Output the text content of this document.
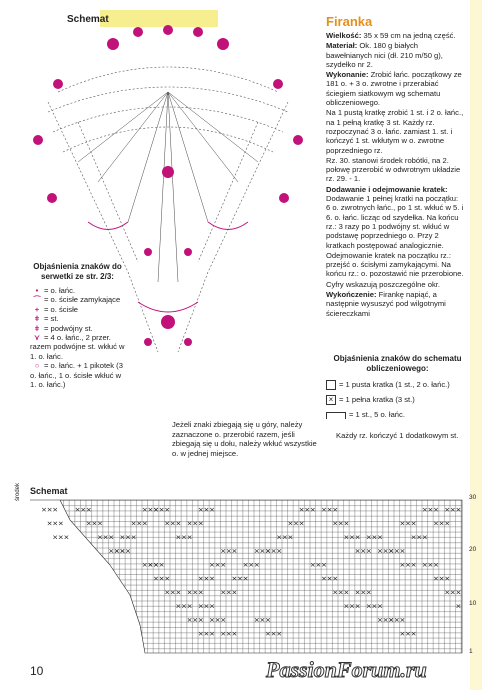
Schemat	Firanka

Wielkość: 35 x 59 cm na jedną część.

Materiał: Ok. 180 g białych bawełnianych nici (dł. 210 m/50 g), szydełko nr 2.

Wykonanie: Zrobić łańc. początkowy ze 181 o. + 3 o. zwrotne i przerabiać ściegiem siatkowym wg schematu obliczeniowego.

Na 1 pustą kratkę zrobić 1 st. i 2 o. łańc., na 1 pełną kratkę 3 st. Każdy rz. rozpoczynać 3 o. łańc. zamiast 1. st. i kończyć 1 st. wkłutym w o. zwrotne poprzedniego rz.

Rz. 30. stanowi środek robótki, na 2. połowę przerobić w odwrotnym układzie rz. 29. - 1.

Dodawanie i odejmowanie kratek:
Dodawanie 1 pełnej kratki na początku: 6 o. zwrotnych łańc., po 1 st. wkłuć w 5. i 6. o. łańc. licząc od szydełka. Na końcu rz.: 3 razy po 1 podwójny st. wkłuć w podstawę poprzedniego o. Przy 2 kratkach postępować analogicznie.

Odejmowanie kratek na początku rz.: przejść o. ścisłymi zamykającymi. Na końcu rz.: o. pozostawić nie przerobione.

Cyfry wskazują poszczególne okr.

Wykończenie: Firankę napiąć, a następnie wysuszyć pod wilgotnymi ściereczkami

Objaśnienia znaków do serwetki ze str. 2/3:
• = o. łańc.
⌒ = o. ścisłe zamykające
+ = o. ścisłe
ǂ = st.
ǂ = podwójny st.
⋎ = 4 o. łańc., 2 przer. razem podwójne st. wkłuć w 1. o. łańc.
○ = o. łańc. + 1 pikotek (3 o. łańc., 1 o. ścisłe wkłuć w 1. o. łańc.)
Jeżeli znaki zbiegają się u góry, należy zaznaczone o. przerobić razem, jeśli zbiegają się u dołu, należy wkłuć wszystkie o. w jednej miejsce.
Objaśnienia znaków do schematu obliczeniowego:
= 1 pusta kratka (1 st., 2 o. łańc.)
× = 1 pełna kratka (3 st.)
= 1 st., 5 o. łańc.
Każdy rz. kończyć 1 dodatkowym st.
Schemat
środek	30
20
10
1
10	PassionForum.ru
